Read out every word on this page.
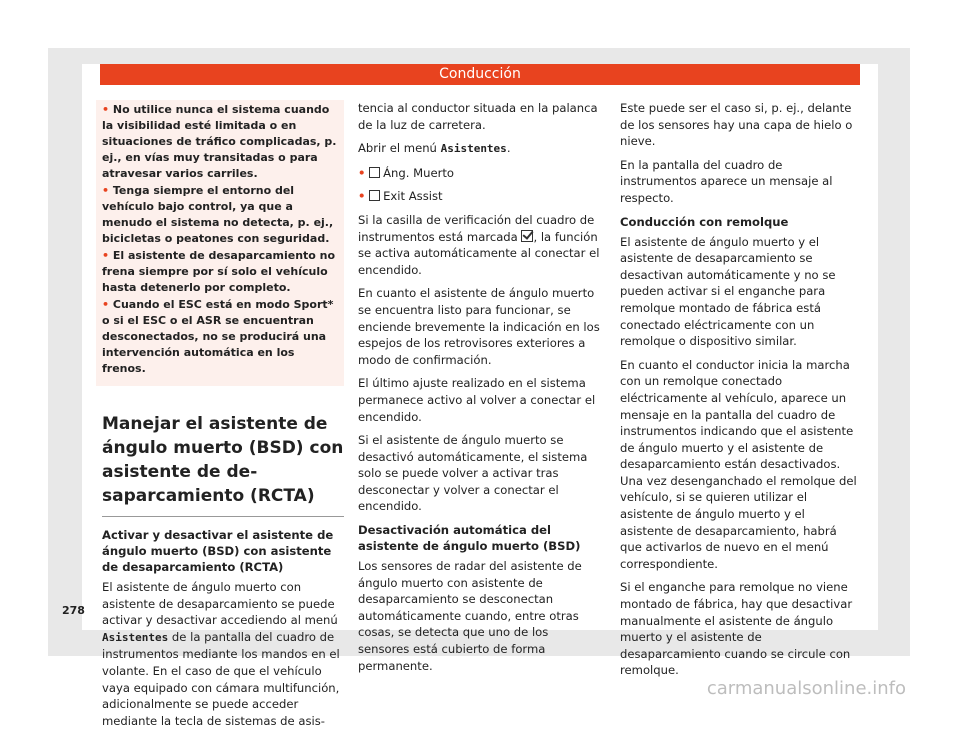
Conducción
• No utilice nunca el sistema cuando la visibilidad esté limitada o en situaciones de tráfico complicadas, p. ej., en vías muy transitadas o para atravesar varios carriles.
• Tenga siempre el entorno del vehículo bajo control, ya que a menudo el sistema no detecta, p. ej., bicicletas o peatones con seguridad.
• El asistente de desaparcamiento no frena siempre por sí solo el vehículo hasta detenerlo por completo.
• Cuando el ESC está en modo Sport* o si el ESC o el ASR se encuentran desconectados, no se producirá una intervención automática en los frenos.
Manejar el asistente de ángulo muerto (BSD) con asistente de desaparcamiento (RCTA)
Activar y desactivar el asistente de ángulo muerto (BSD) con asistente de desaparcamiento (RCTA)

El asistente de ángulo muerto con asistente de desaparcamiento se puede activar y desactivar accediendo al menú Asistentes de la pantalla del cuadro de instrumentos mediante los mandos en el volante. En el caso de que el vehículo vaya equipado con cámara multifunción, adicionalmente se puede acceder mediante la tecla de sistemas de asis-

tencia al conductor situada en la palanca de la luz de carretera.

Abrir el menú Asistentes.

• Áng. Muerto

• Exit Assist

Si la casilla de verificación del cuadro de instrumentos está marcada , la función se activa automáticamente al conectar el encendido.

En cuanto el asistente de ángulo muerto se encuentra listo para funcionar, se enciende brevemente la indicación en los espejos de los retrovisores exteriores a modo de confirmación.

El último ajuste realizado en el sistema permanece activo al volver a conectar el encendido.

Si el asistente de ángulo muerto se desactivó automáticamente, el sistema solo se puede volver a activar tras desconectar y volver a conectar el encendido.

Desactivación automática del asistente de ángulo muerto (BSD)

Los sensores de radar del asistente de ángulo muerto con asistente de desaparcamiento se desconectan automáticamente cuando, entre otras cosas, se detecta que uno de los sensores está cubierto de forma permanente.

Este puede ser el caso si, p. ej., delante de los sensores hay una capa de hielo o nieve.

En la pantalla del cuadro de instrumentos aparece un mensaje al respecto.

Conducción con remolque

El asistente de ángulo muerto y el asistente de desaparcamiento se desactivan automáticamente y no se pueden activar si el enganche para remolque montado de fábrica está conectado eléctricamente con un remolque o dispositivo similar.

En cuanto el conductor inicia la marcha con un remolque conectado eléctricamente al vehículo, aparece un mensaje en la pantalla del cuadro de instrumentos indicando que el asistente de ángulo muerto y el asistente de desaparcamiento están desactivados. Una vez desenganchado el remolque del vehículo, si se quieren utilizar el asistente de ángulo muerto y el asistente de desaparcamiento, habrá que activarlos de nuevo en el menú correspondiente.

Si el enganche para remolque no viene montado de fábrica, hay que desactivar manualmente el asistente de ángulo muerto y el asistente de desaparcamiento cuando se circule con remolque.

278
carmanualsonline.info
